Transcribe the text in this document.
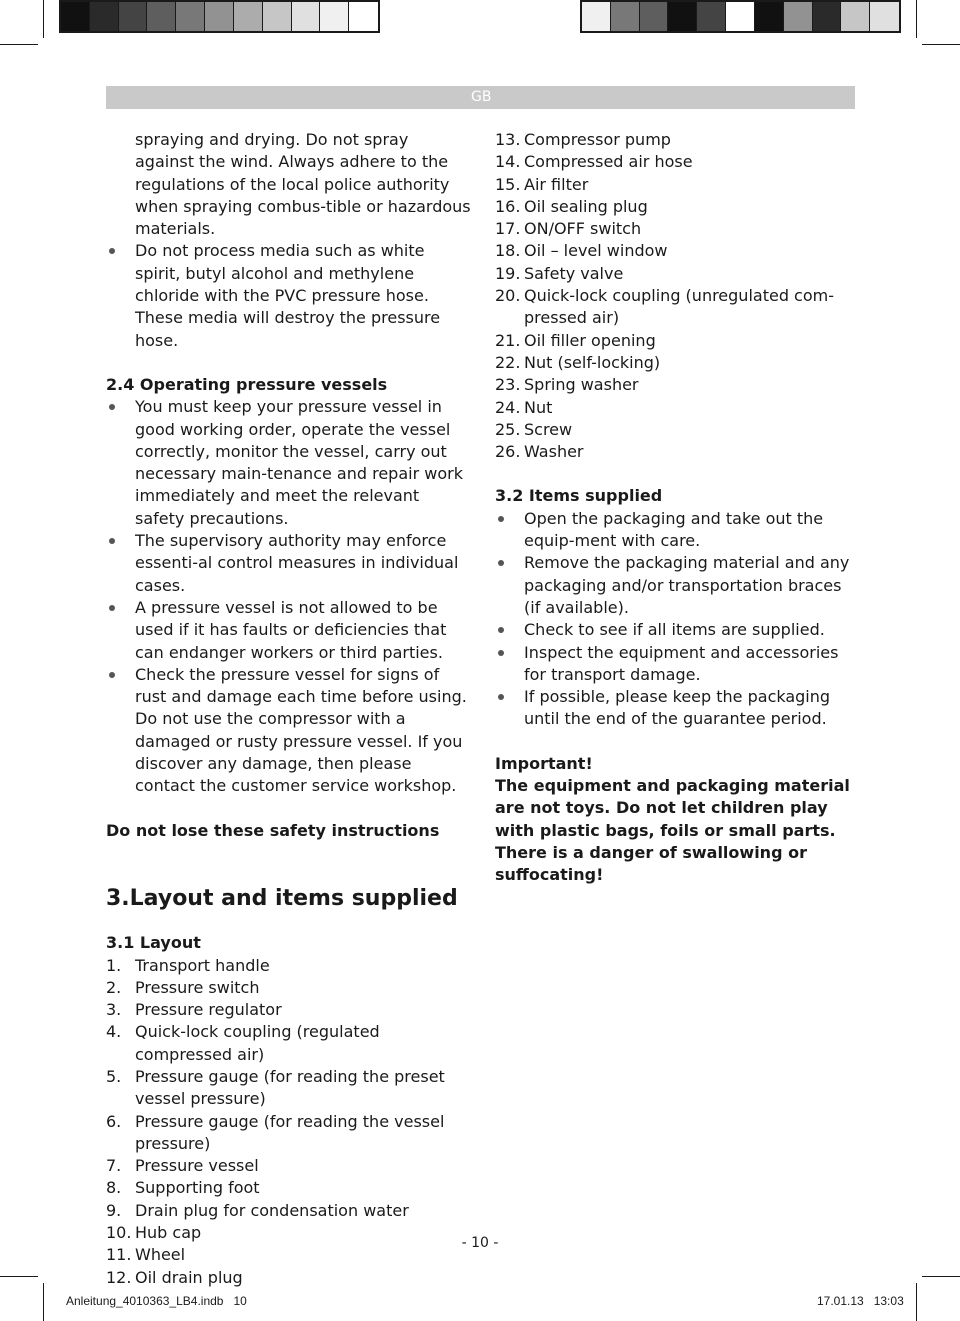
GB

spraying and drying. Do not spray against the wind. Always adhere to the regulations of the local police authority when spraying combus-tible or hazardous materials.

Do not process media such as white spirit, butyl alcohol and methylene chloride with the PVC pressure hose. These media will destroy the pressure hose.

2.4 Operating pressure vessels

You must keep your pressure vessel in good working order, operate the vessel correctly, monitor the vessel, carry out necessary main-tenance and repair work immediately and meet the relevant safety precautions.

The supervisory authority may enforce essenti-al control measures in individual cases.

A pressure vessel is not allowed to be used if it has faults or deficiencies that can endanger workers or third parties.

Check the pressure vessel for signs of rust and damage each time before using. Do not use the compressor with a damaged or rusty pressure vessel. If you discover any damage, then please contact the customer service workshop.

Do not lose these safety instructions

3.Layout and items supplied

3.1 Layout

1. Transport handle
2. Pressure switch
3. Pressure regulator
4. Quick-lock coupling (regulated compressed air)
5. Pressure gauge (for reading the preset vessel pressure)
6. Pressure gauge (for reading the vessel pressure)
7. Pressure vessel
8. Supporting foot
9. Drain plug for condensation water
10. Hub cap
11. Wheel
12. Oil drain plug
13. Compressor pump
14. Compressed air hose
15. Air filter
16. Oil sealing plug
17. ON/OFF switch
18. Oil – level window
19. Safety valve
20. Quick-lock coupling (unregulated com-pressed air)
21. Oil filler opening
22. Nut (self-locking)
23. Spring washer
24. Nut
25. Screw
26. Washer

3.2 Items supplied

Open the packaging and take out the equip-ment with care.

Remove the packaging material and any packaging and/or transportation braces (if available).

Check to see if all items are supplied.

Inspect the equipment and accessories for transport damage.

If possible, please keep the packaging until the end of the guarantee period.

Important!

The equipment and packaging material are not toys. Do not let children play with plastic bags, foils or small parts. There is a danger of swallowing or suffocating!

- 10 -
Anleitung_4010363_LB4.indb   10	17.01.13   13:03
